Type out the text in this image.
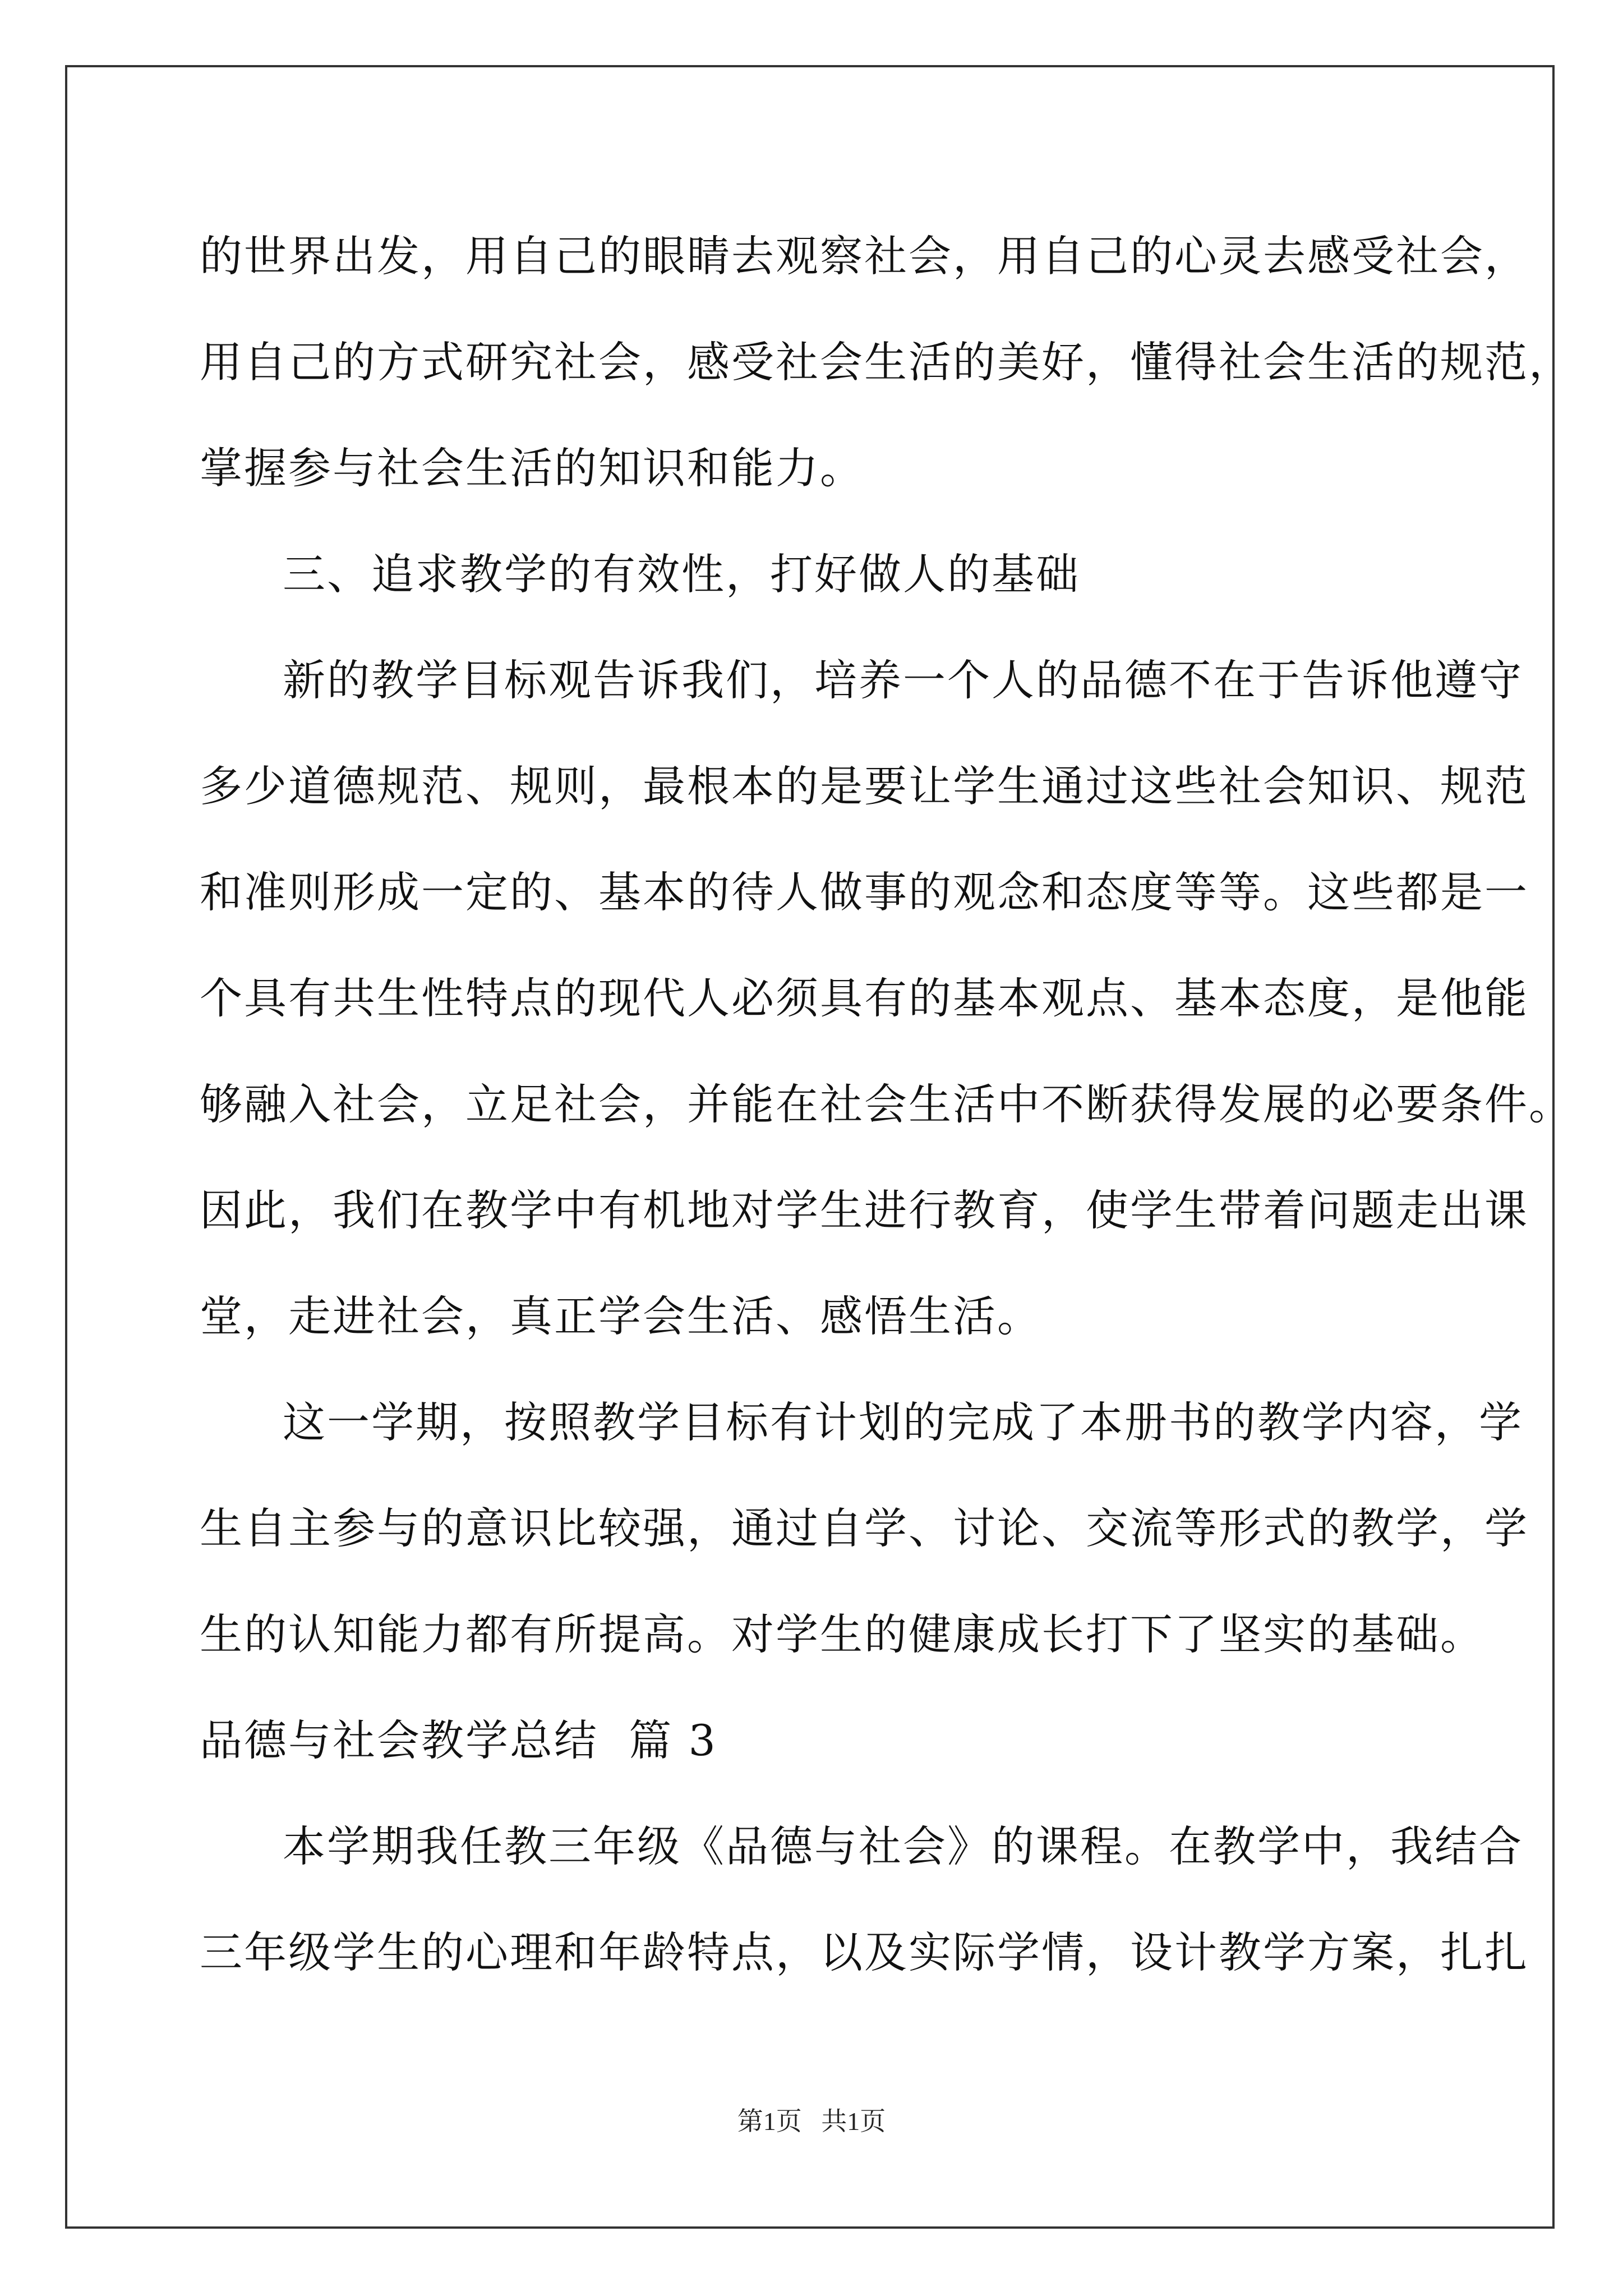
的世界出发，用自己的眼睛去观察社会，用自己的心灵去感受社会，
用自己的方式研究社会，感受社会生活的美好，懂得社会生活的规范，
掌握参与社会生活的知识和能力。
三、追求教学的有效性，打好做人的基础
新的教学目标观告诉我们，培养一个人的品德不在于告诉他遵守
多少道德规范、规则，最根本的是要让学生通过这些社会知识、规范
和准则形成一定的、基本的待人做事的观念和态度等等。这些都是一
个具有共生性特点的现代人必须具有的基本观点、基本态度，是他能
够融入社会，立足社会，并能在社会生活中不断获得发展的必要条件。
因此，我们在教学中有机地对学生进行教育，使学生带着问题走出课
堂，走进社会，真正学会生活、感悟生活。
这一学期，按照教学目标有计划的完成了本册书的教学内容，学
生自主参与的意识比较强，通过自学、讨论、交流等形式的教学，学
生的认知能力都有所提高。对学生的健康成长打下了坚实的基础。
品德与社会教学总结  篇 3
本学期我任教三年级《品德与社会》的课程。在教学中，我结合
三年级学生的心理和年龄特点，以及实际学情，设计教学方案，扎扎
第1页   共1页
